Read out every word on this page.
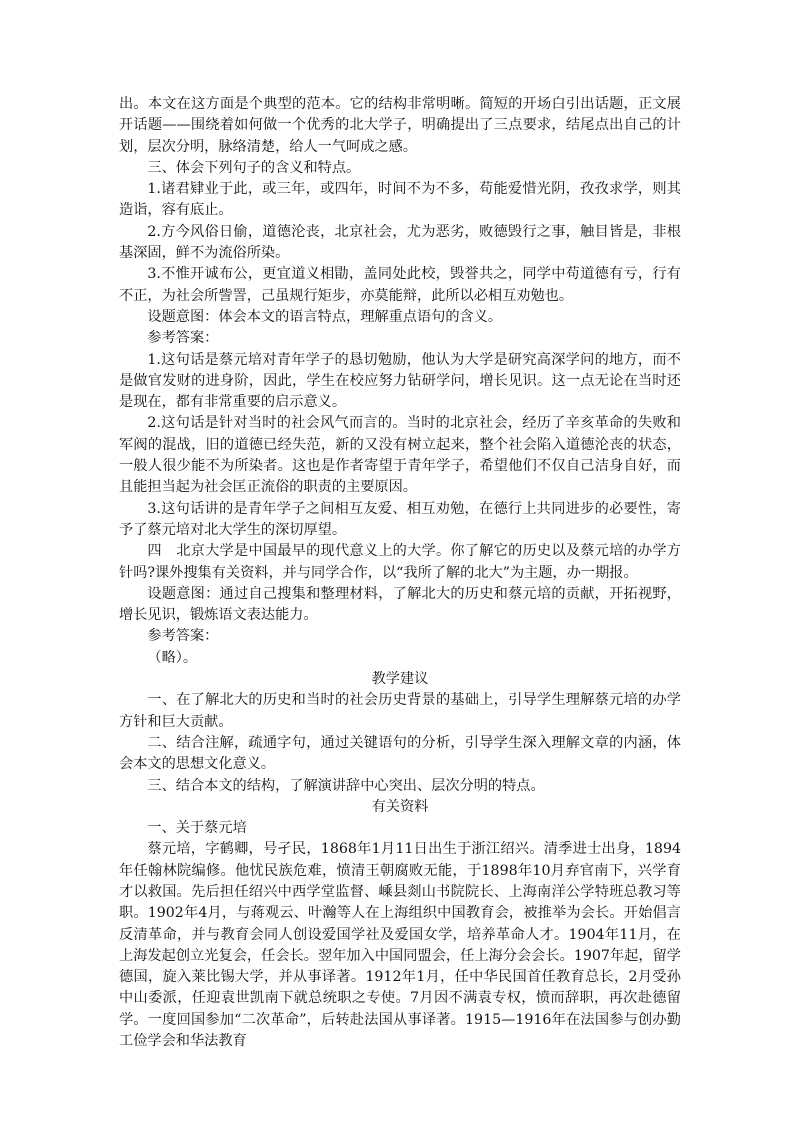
出。本文在这方面是个典型的范本。它的结构非常明晰。简短的开场白引出话题，正文展开话题——围绕着如何做一个优秀的北大学子，明确提出了三点要求，结尾点出自己的计划，层次分明，脉络清楚，给人一气呵成之感。

三、体会下列句子的含义和特点。

1.诸君肄业于此，或三年，或四年，时间不为不多，苟能爱惜光阴，孜孜求学，则其造诣，容有底止。

2.方今风俗日偷，道德沦丧，北京社会，尤为恶劣，败德毁行之事，触目皆是，非根基深固，鲜不为流俗所染。

3.不惟开诚布公，更宜道义相勖，盖同处此校，毁誉共之，同学中苟道德有亏，行有不正，为社会所訾詈，己虽规行矩步，亦莫能辩，此所以必相互劝勉也。

设题意图：体会本文的语言特点，理解重点语句的含义。

参考答案：

1.这句话是蔡元培对青年学子的恳切勉励，他认为大学是研究高深学问的地方，而不是做官发财的进身阶，因此，学生在校应努力钻研学问，增长见识。这一点无论在当时还是现在，都有非常重要的启示意义。

2.这句话是针对当时的社会风气而言的。当时的北京社会，经历了辛亥革命的失败和军阀的混战，旧的道德已经失范，新的又没有树立起来，整个社会陷入道德沦丧的状态，一般人很少能不为所染者。这也是作者寄望于青年学子，希望他们不仅自己洁身自好，而且能担当起为社会匡正流俗的职责的主要原因。

3.这句话讲的是青年学子之间相互友爱、相互劝勉，在德行上共同进步的必要性，寄予了蔡元培对北大学生的深切厚望。

四　北京大学是中国最早的现代意义上的大学。你了解它的历史以及蔡元培的办学方针吗?课外搜集有关资料，并与同学合作，以“我所了解的北大”为主题，办一期报。

设题意图：通过自己搜集和整理材料，了解北大的历史和蔡元培的贡献，开拓视野，增长见识，锻炼语文表达能力。

参考答案：

（略）。

教学建议

一、在了解北大的历史和当时的社会历史背景的基础上，引导学生理解蔡元培的办学方针和巨大贡献。

二、结合注解，疏通字句，通过关键语句的分析，引导学生深入理解文章的内涵，体会本文的思想文化意义。

三、结合本文的结构，了解演讲辞中心突出、层次分明的特点。

有关资料

一、关于蔡元培

蔡元培，字鹤卿，号孑民，1868年1月11日出生于浙江绍兴。清季进士出身，1894年任翰林院编修。他忧民族危难，愤清王朝腐败无能，于1898年10月弃官南下，兴学育才以救国。先后担任绍兴中西学堂监督、嵊县剡山书院院长、上海南洋公学特班总教习等职。1902年4月，与蒋观云、叶瀚等人在上海组织中国教育会，被推举为会长。开始倡言反清革命，并与教育会同人创设爱国学社及爱国女学，培养革命人才。1904年11月，在上海发起创立光复会，任会长。翌年加入中国同盟会，任上海分会会长。1907年起，留学德国，旋入莱比锡大学，并从事译著。1912年1月，任中华民国首任教育总长，2月受孙中山委派，任迎袁世凯南下就总统职之专使。7月因不满袁专权，愤而辞职，再次赴德留学。一度回国参加“二次革命”，后转赴法国从事译著。1915—1916年在法国参与创办勤工俭学会和华法教育
